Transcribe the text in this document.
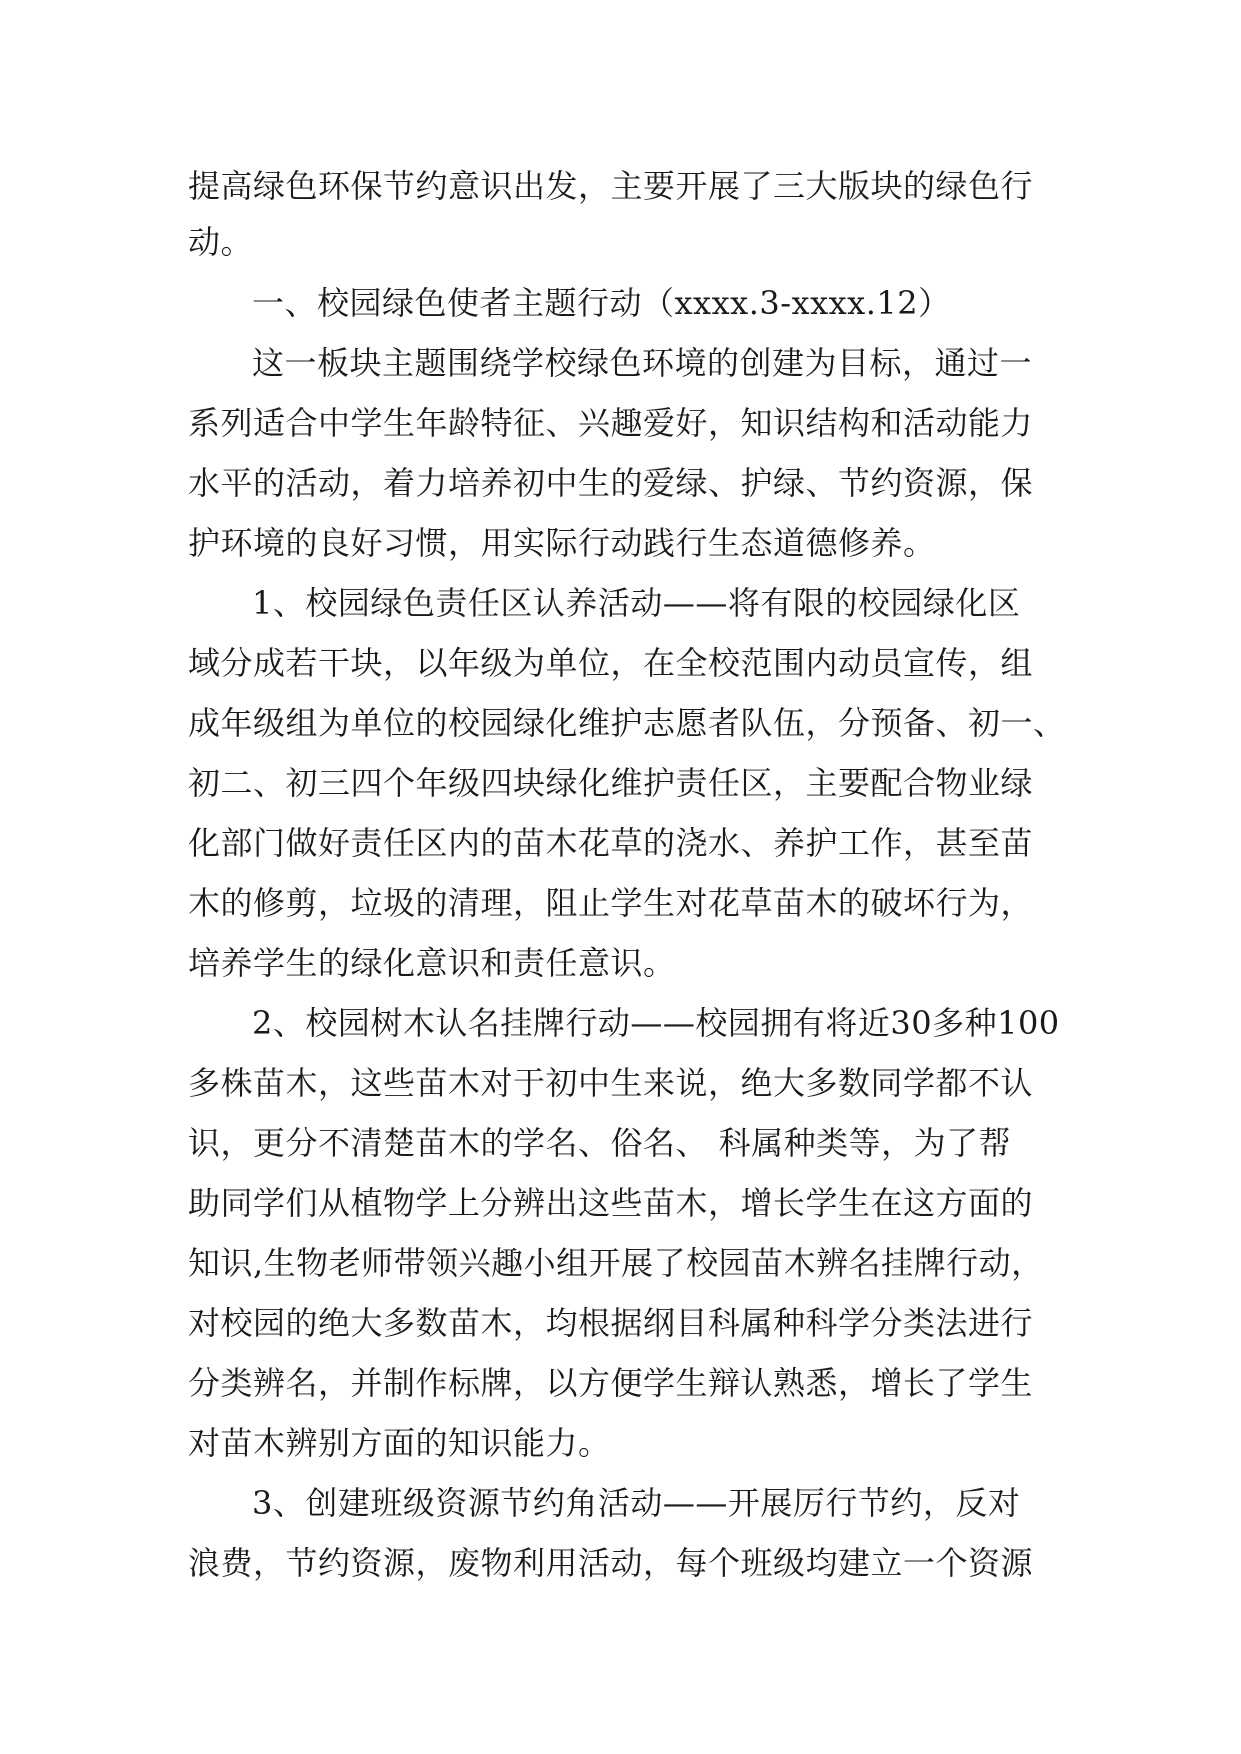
提高绿色环保节约意识出发，主要开展了三大版块的绿色行
动。
一、校园绿色使者主题行动（xxxx.3-xxxx.12）
这一板块主题围绕学校绿色环境的创建为目标，通过一
系列适合中学生年龄特征、兴趣爱好，知识结构和活动能力
水平的活动，着力培养初中生的爱绿、护绿、节约资源，保
护环境的良好习惯，用实际行动践行生态道德修养。
1、校园绿色责任区认养活动——将有限的校园绿化区
域分成若干块，以年级为单位，在全校范围内动员宣传，组
成年级组为单位的校园绿化维护志愿者队伍，分预备、初一、
初二、初三四个年级四块绿化维护责任区，主要配合物业绿
化部门做好责任区内的苗木花草的浇水、养护工作，甚至苗
木的修剪，垃圾的清理，阻止学生对花草苗木的破坏行为，
培养学生的绿化意识和责任意识。
2、校园树木认名挂牌行动——校园拥有将近30多种100
多株苗木，这些苗木对于初中生来说，绝大多数同学都不认
识，更分不清楚苗木的学名、俗名、 科属种类等，为了帮
助同学们从植物学上分辨出这些苗木，增长学生在这方面的
知识,生物老师带领兴趣小组开展了校园苗木辨名挂牌行动，
对校园的绝大多数苗木，均根据纲目科属种科学分类法进行
分类辨名，并制作标牌，以方便学生辩认熟悉，增长了学生
对苗木辨别方面的知识能力。
3、创建班级资源节约角活动——开展厉行节约，反对
浪费，节约资源，废物利用活动，每个班级均建立一个资源
